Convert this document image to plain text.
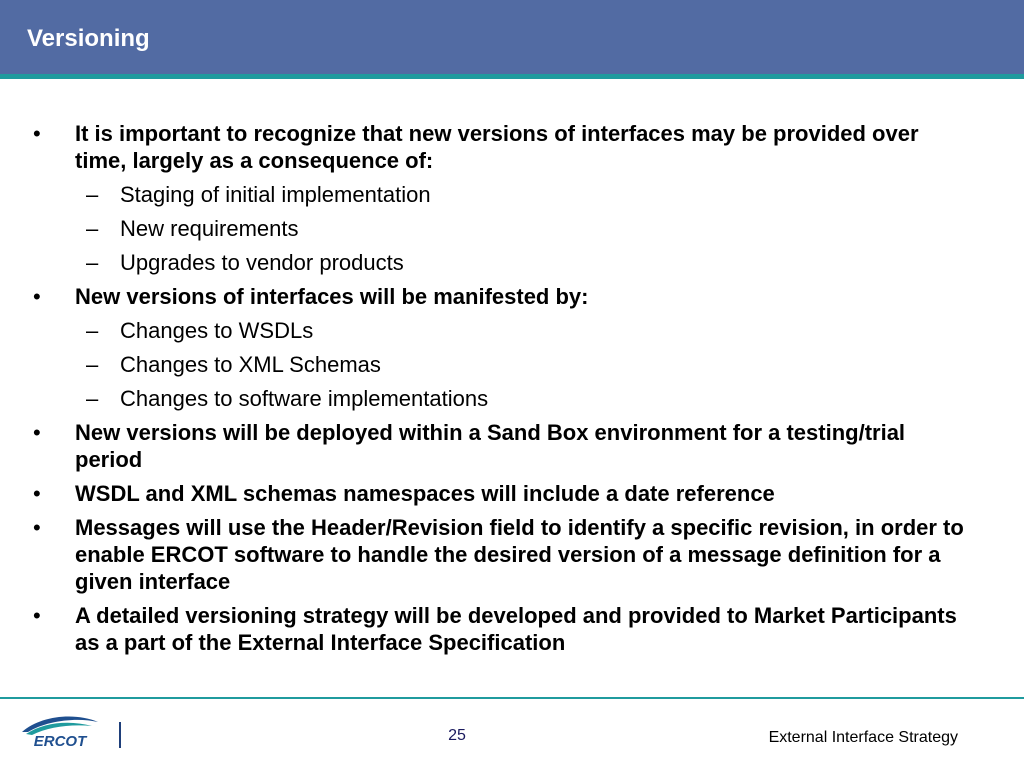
Versioning
• It is important to recognize that new versions of interfaces may be provided over time, largely as a consequence of:
– Staging of initial implementation
– New requirements
– Upgrades to vendor products
• New versions of interfaces will be manifested by:
– Changes to WSDLs
– Changes to XML Schemas
– Changes to software implementations
• New versions will be deployed within a Sand Box environment for a testing/trial period
• WSDL and XML schemas namespaces will include a date reference
• Messages will use the Header/Revision field to identify a specific revision, in order to enable ERCOT software to handle the desired version of a message definition for a given interface
• A detailed versioning strategy will be developed and provided to Market Participants as a part of the External Interface Specification
ERCOT	25	External Interface Strategy
